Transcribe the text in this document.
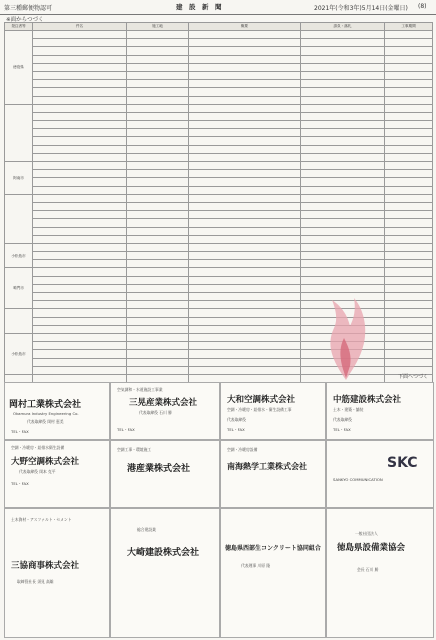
第三種郵便物認可	建　設　新　聞	2021年(令和3年)5月14日(金曜日) (8)
※面からつづく
発注者等	件名	施工地	概要	請負・落札	工事期間
徳島県					

阿南市					

小松島市					

鳴門市					

小松島市					

下面へつづく
岡村工業株式会社
Okamura Industry Engineering Co.
代表取締役 岡村 恵美
TEL・FAX
空気調和・水道施設工事業
三晃産業株式会社
代表取締役 石川 勝
TEL・FAX
大和空調株式会社
空調・冷暖房・給排水・衛生設備工事
代表取締役
TEL・FAX
中筋建設株式会社
土木・建築・舗装
代表取締役
TEL・FAX
空調・冷暖房・給排水衛生設備
大野空調株式会社
代表取締役 岡本 克平
TEL・FAX
空調工事・環境施工
港産業株式会社
空調・冷暖房設備
南海熱学工業株式会社	SKC
SANKYO COMMUNICATION
土木資材・アスファルト・セメント
三協商事株式会社
取締役社長 須見 高雄
総合建設業
大崎建設株式会社	徳島県西部生コンクリート協同組合
代表理事 川原 隆
一般社団法人
徳島県設備業協会
会長 石川 勝
